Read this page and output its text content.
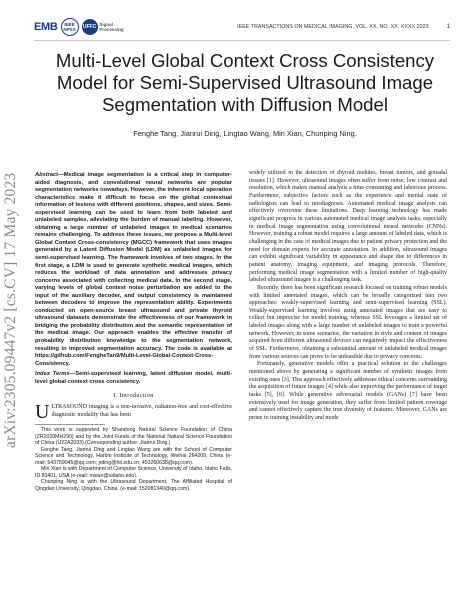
EMB	IEEE NPSS	UFFC Signal Processing	IEEE TRANSACTIONS ON MEDICAL IMAGING, VOL. XX, NO. XX, XXXX 2023	1
arXiv:2305.09447v2 [cs.CV] 17 May 2023
Multi-Level Global Context Cross Consistency Model for Semi-Supervised Ultrasound Image Segmentation with Diffusion Model
Fenghe Tang, Jianrui Ding, Lingtao Wang, Min Xian, Chunping Ning.
Abstract—Medical image segmentation is a critical step in computer-aided diagnosis, and convolutional neural networks are popular segmentation networks nowadays. However, the inherent local operation characteristics make it difficult to focus on the global contextual information of lesions with different positions, shapes, and sizes. Semi-supervised learning can be used to learn from both labeled and unlabeled samples, alleviating the burden of manual labeling. However, obtaining a large number of unlabeled images in medical scenarios remains challenging. To address these issues, we propose a Multi-level Global Context Cross-consistency (MGCC) framework that uses images generated by a Latent Diffusion Model (LDM) as unlabeled images for semi-supervised learning. The framework involves of two stages. In the first stage, a LDM is used to generate synthetic medical images, which reduces the workload of data annotation and addresses privacy concerns associated with collecting medical data. In the second stage, varying levels of global context noise perturbation are added to the input of the auxiliary decoder, and output consistency is maintained between decoders to improve the representation ability. Experiments conducted on open-source breast ultrasound and private thyroid ultrasound datasets demonstrate the effectiveness of our framework in bridging the probability distribution and the semantic representation of the medical image. Our approach enables the effective transfer of probability distribution knowledge to the segmentation network, resulting in improved segmentation accuracy. The code is available at https://github.com/FengheTan9/Multi-Level-Global-Context-Cross-Consistency.
Index Terms—Semi-supervised learning, latent diffusion model, multi-level global context cross consistency.
I. Introduction
ULTRASOUND imaging is a non-invasive, radiation-free and cost-effective diagnostic modality that has been

This work is supported by Shandong Natural Science Foundation of China (ZR2020MH290) and by the Joint Funds of the National Natural Science Foundation of China (U22A2033).(Corresponding author: Jianrui Ding.)

Fenghe Tang, Jianrui Ding and Lingtao Wang are with the School of Computer Science and Technology, Harbin Institute of Technology, Weihai 264209, China (e-mail: 543759045@qq.com; jrding@hit.edu.cn; 453260638@qq.com).

Min Xian is with Department of Computer Science, University of Idaho, Idaho Falls, ID 83401, USA (e-mail: mxian@uidaho.edu).

Chunping Ning is with the Ultrasound Department, The Affiliated Hospital of Qingdao University, Qingdao, China. (e-mail: 152081340@qq.com).

widely utilized in the detection of thyroid nodules, breast tumors, and gonadal tissues [1]. However, ultrasound images often suffer from noise, low contrast and resolution, which makes manual analysis a time-consuming and laborious process. Furthermore, subjective factors such as the experience and mental state of radiologists can lead to misdiagnosis. Automated medical image analysis can effectively overcome these limitations. Deep learning technology has made significant progress in various automated medical image analysis tasks, especially in medical image segmentation using convolutional neural networks (CNNs). However, training a robust model requires a large amount of labeled data, which is challenging in the case of medical images due to patient privacy protection and the need for domain experts for accurate annotation. In addition, ultrasound images can exhibit significant variability in appearance and shape due to differences in patient anatomy, imaging equipment, and imaging protocols. Therefore, performing medical image segmentation with a limited number of high-quality labeled ultrasound images is a challenging task.

Recently, there has been significant research focused on training robust models with limited annotated images, which can be broadly categorized into two approaches: weakly-supervised learning and semi-supervised learning (SSL). Weakly-supervised learning involves using annotated images that are easy to collect but imprecise for model training, whereas SSL leverages a limited set of labeled images along with a large number of unlabeled images to train a powerful network. However, in some scenarios, the variation in style and content of images acquired from different ultrasound devices can negatively impact the effectiveness of SSL. Furthermore, obtaining a substantial amount of unlabeled medical images from various sources can prove to be unfeasible due to privacy concerns.

Fortunately, generative models offer a practical solution to the challenges mentioned above by generating a significant number of synthetic images from existing ones [3]. This approach effectively addresses ethical concerns surrounding the acquisition of future images [4] while also improving the performance of target tasks [5], [6]. While generative adversarial models (GANs) [7] have been extensively used for image generation, they suffer from limited pattern coverage and cannot effectively capture the true diversity of features. Moreover, GANs are prone to training instability and mode
